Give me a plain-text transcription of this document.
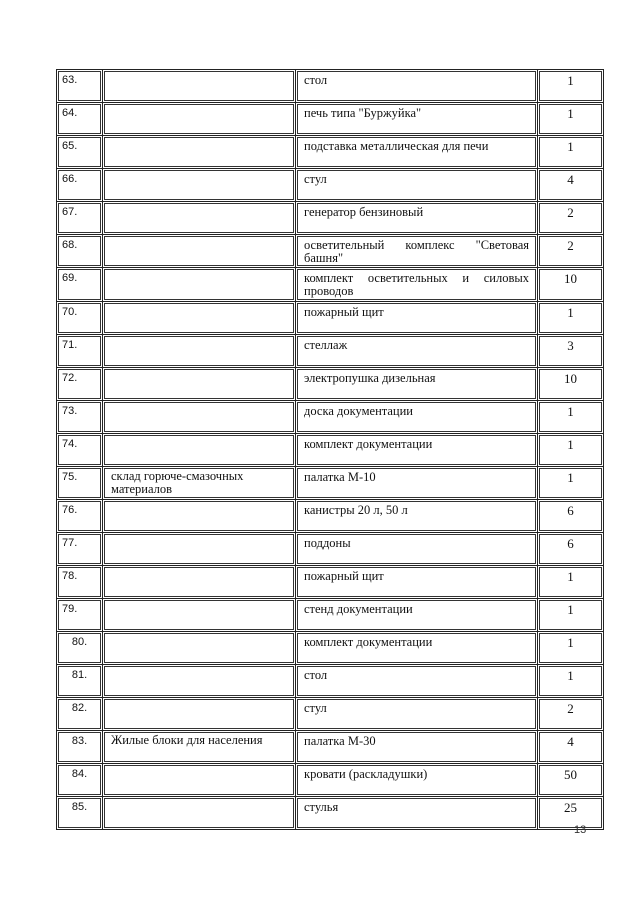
63.		стол	1

64.		печь типа "Буржуйка"	1

65.		подставка металлическая для печи	1

66.		стул	4

67.		генератор бензиновый	2

68.		осветительный комплекс "Световая башня"	2

69.		комплект осветительных и силовых проводов	10

70.		пожарный щит	1

71.		стеллаж	3

72.		электропушка дизельная	10

73.		доска документации	1

74.		комплект документации	1

75.	склад горюче-смазочных материалов	палатка М-10	1

76.		канистры 20 л, 50 л	6

77.		поддоны	6

78.		пожарный щит	1

79.		стенд документации	1

80.		комплект документации	1

81.		стол	1

82.		стул	2

83.	Жилые блоки для населения	палатка М-30	4

84.		кровати (раскладушки)	50

85.		стулья	25
13
